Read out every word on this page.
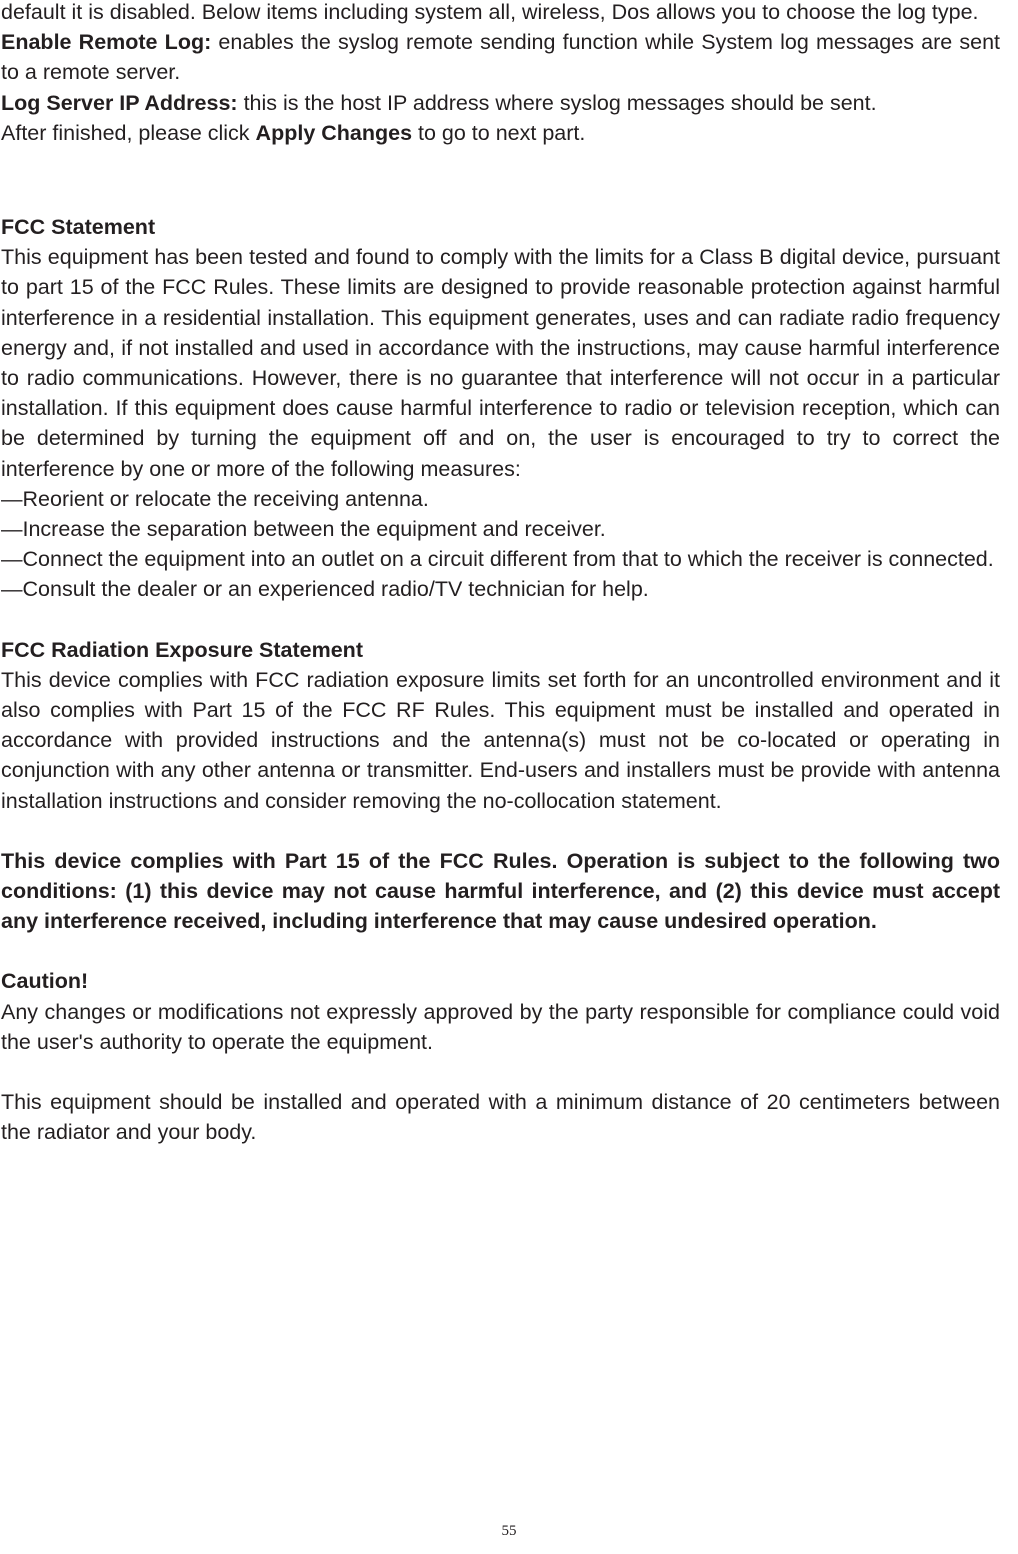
default it is disabled. Below items including system all, wireless, Dos allows you to choose the log type.

Enable Remote Log: enables the syslog remote sending function while System log messages are sent to a remote server.

Log Server IP Address: this is the host IP address where syslog messages should be sent.

After finished, please click Apply Changes to go to next part.

FCC Statement

This equipment has been tested and found to comply with the limits for a Class B digital device, pursuant to part 15 of the FCC Rules. These limits are designed to provide reasonable protection against harmful interference in a residential installation. This equipment generates, uses and can radiate radio frequency energy and, if not installed and used in accordance with the instructions, may cause harmful interference to radio communications. However, there is no guarantee that interference will not occur in a particular installation. If this equipment does cause harmful interference to radio or television reception, which can be determined by turning the equipment off and on, the user is encouraged to try to correct the interference by one or more of the following measures:

—Reorient or relocate the receiving antenna.

—Increase the separation between the equipment and receiver.

—Connect the equipment into an outlet on a circuit different from that to which the receiver is connected.

—Consult the dealer or an experienced radio/TV technician for help.

FCC Radiation Exposure Statement

This device complies with FCC radiation exposure limits set forth for an uncontrolled environment and it also complies with Part 15 of the FCC RF Rules. This equipment must be installed and operated in accordance with provided instructions and the antenna(s) must not be co-located or operating in conjunction with any other antenna or transmitter. End-users and installers must be provide with antenna installation instructions and consider removing the no-collocation statement.

This device complies with Part 15 of the FCC Rules. Operation is subject to the following two conditions: (1) this device may not cause harmful interference, and (2) this device must accept any interference received, including interference that may cause undesired operation.

Caution!

Any changes or modifications not expressly approved by the party responsible for compliance could void the user's authority to operate the equipment.

This equipment should be installed and operated with a minimum distance of 20 centimeters between the radiator and your body.

55
